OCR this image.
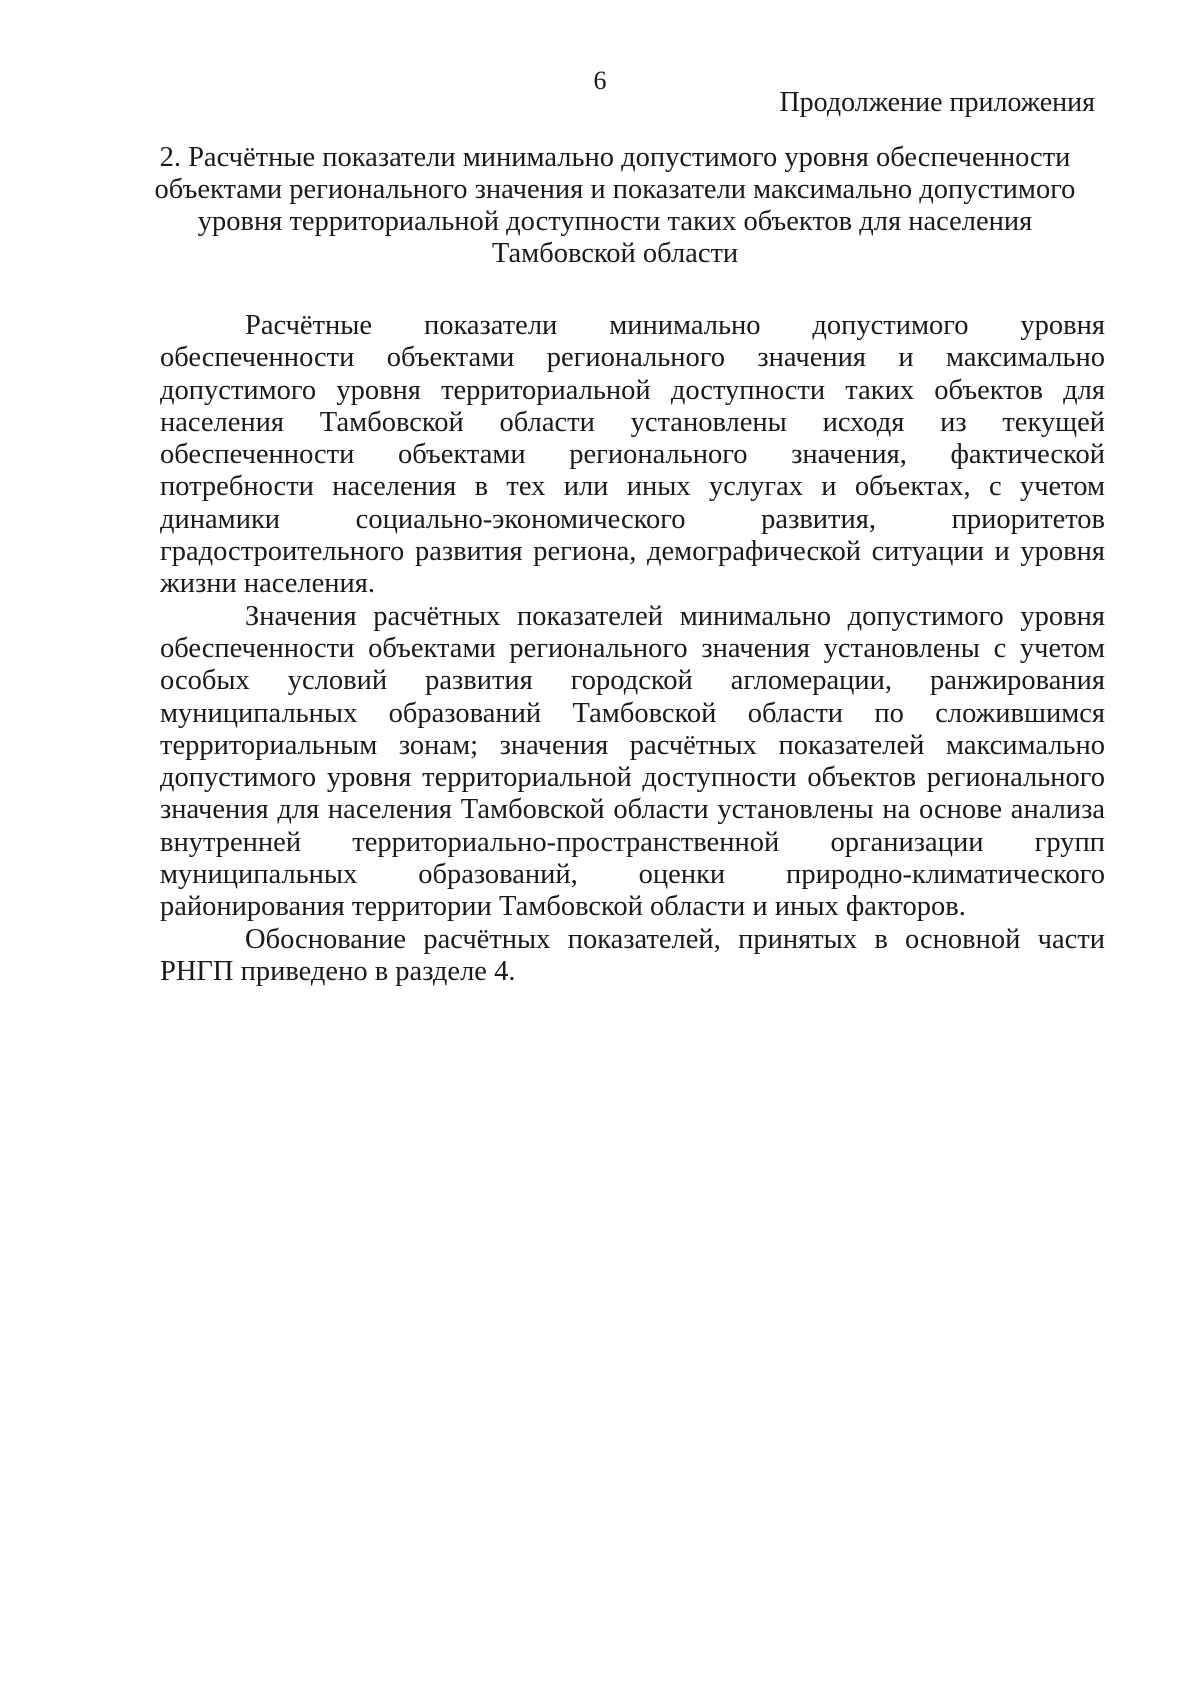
6
Продолжение приложения
2. Расчётные показатели минимально допустимого уровня обеспеченности объектами регионального значения и показатели максимально допустимого уровня территориальной доступности таких объектов для населения Тамбовской области

Расчётные показатели минимально допустимого уровня обеспеченности объектами регионального значения и максимально допустимого уровня территориальной доступности таких объектов для населения Тамбовской области установлены исходя из текущей обеспеченности объектами регионального значения, фактической потребности населения в тех или иных услугах и объектах, с учетом динамики социально-экономического развития, приоритетов градостроительного развития региона, демографической ситуации и уровня жизни населения.

Значения расчётных показателей минимально допустимого уровня обеспеченности объектами регионального значения установлены с учетом особых условий развития городской агломерации, ранжирования муниципальных образований Тамбовской области по сложившимся территориальным зонам; значения расчётных показателей максимально допустимого уровня территориальной доступности объектов регионального значения для населения Тамбовской области установлены на основе анализа внутренней территориально-пространственной организации групп муниципальных образований, оценки природно-климатического районирования территории Тамбовской области и иных факторов.

Обоснование расчётных показателей, принятых в основной части РНГП приведено в разделе 4.
